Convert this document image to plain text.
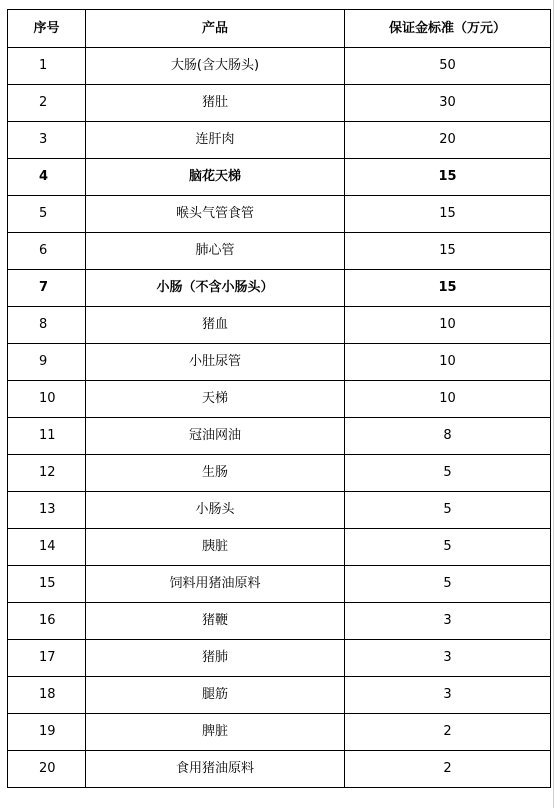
序号	产品	保证金标准（万元）
1	大肠(含大肠头)	50
2	猪肚	30
3	连肝肉	20
4	脑花天梯	15
5	喉头气管食管	15
6	肺心管	15
7	小肠（不含小肠头）	15
8	猪血	10
9	小肚尿管	10
10	天梯	10
11	冠油网油	8
12	生肠	5
13	小肠头	5
14	胰脏	5
15	饲料用猪油原料	5
16	猪鞭	3
17	猪肺	3
18	腿筋	3
19	脾脏	2
20	食用猪油原料	2
